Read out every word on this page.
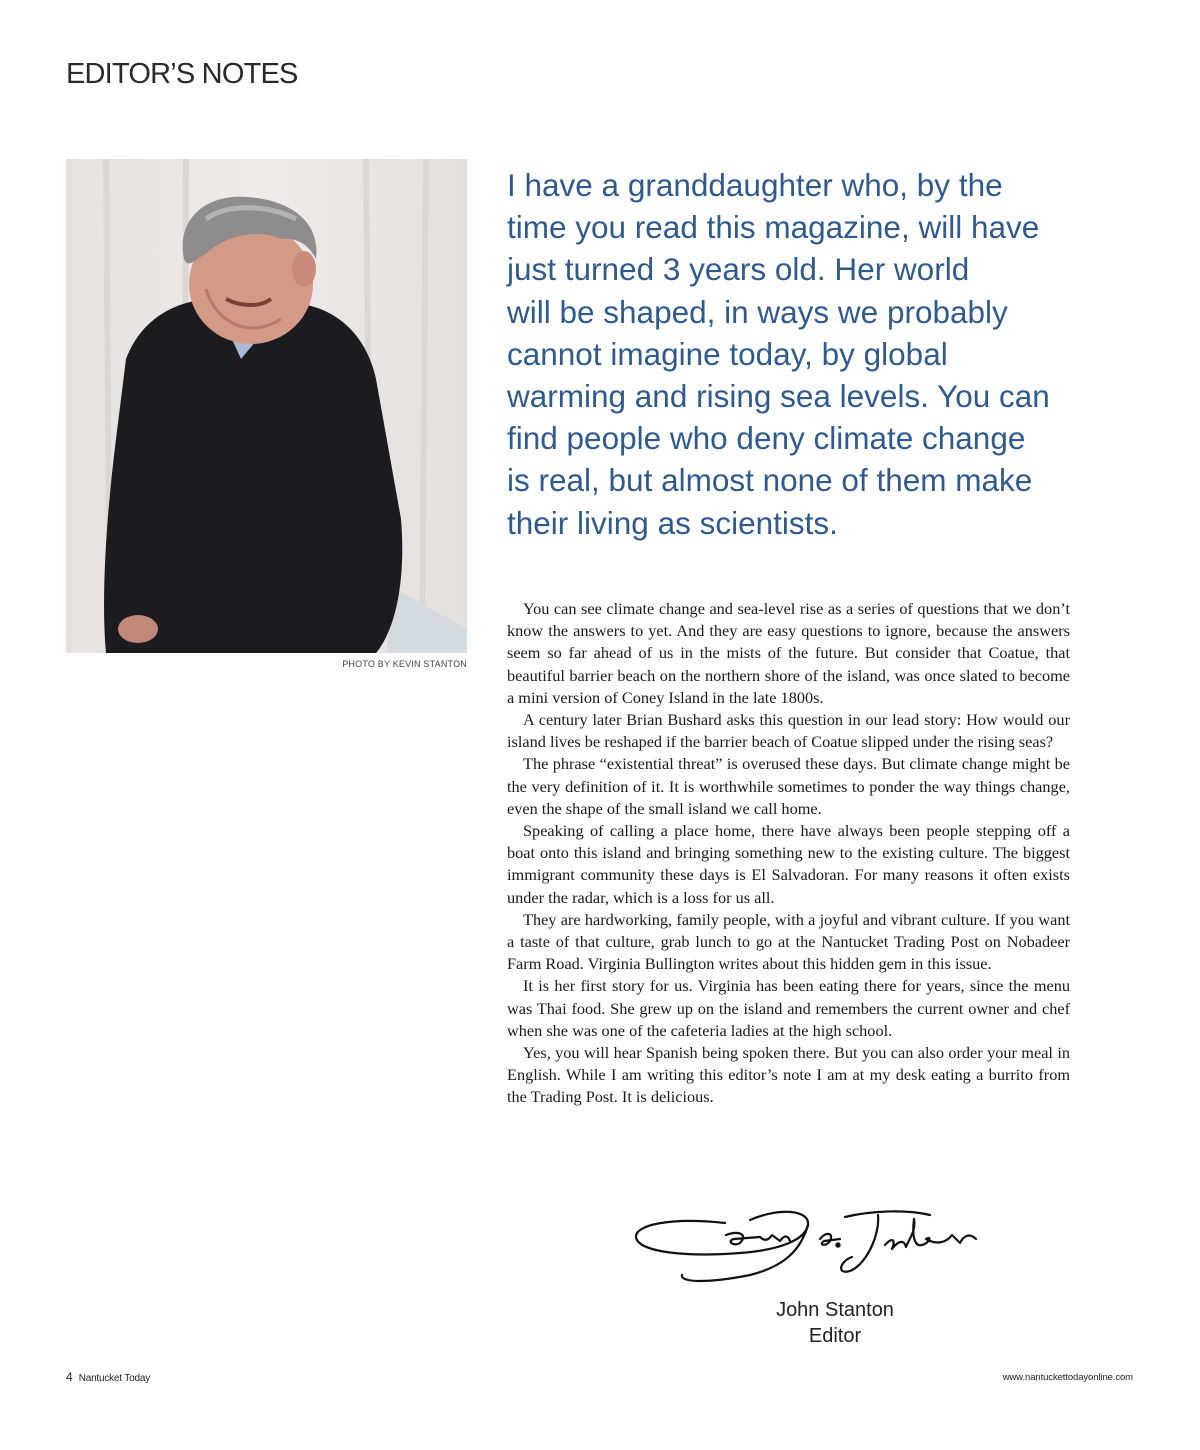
EDITOR’S NOTES
PHOTO BY KEVIN STANTON
I have a granddaughter who, by the
time you read this magazine, will have
just turned 3 years old. Her world
will be shaped, in ways we probably
cannot imagine today, by global
warming and rising sea levels. You can
find people who deny climate change
is real, but almost none of them make
their living as scientists.

You can see climate change and sea-level rise as a series of questions that we don’t know the answers to yet. And they are easy questions to ignore, because the answers seem so far ahead of us in the mists of the future. But consider that Coatue, that beautiful barrier beach on the northern shore of the island, was once slated to become a mini version of Coney Island in the late 1800s.

A century later Brian Bushard asks this question in our lead story: How would our island lives be reshaped if the barrier beach of Coatue slipped under the rising seas?

The phrase “existential threat” is overused these days. But climate change might be the very definition of it. It is worthwhile sometimes to ponder the way things change, even the shape of the small island we call home.

Speaking of calling a place home, there have always been people stepping off a boat onto this island and bringing something new to the existing culture. The biggest immigrant community these days is El Salvadoran. For many reasons it often exists under the radar, which is a loss for us all.

They are hardworking, family people, with a joyful and vibrant culture. If you want a taste of that culture, grab lunch to go at the Nantucket Trading Post on Nobadeer Farm Road. Virginia Bullington writes about this hidden gem in this issue.

It is her first story for us. Virginia has been eating there for years, since the menu was Thai food. She grew up on the island and remembers the current owner and chef when she was one of the cafeteria ladies at the high school.

Yes, you will hear Spanish being spoken there. But you can also order your meal in English. While I am writing this editor’s note I am at my desk eating a burrito from the Trading Post. It is delicious.

John Stanton
Editor
4 Nantucket Today	www.nantuckettodayonline.com
